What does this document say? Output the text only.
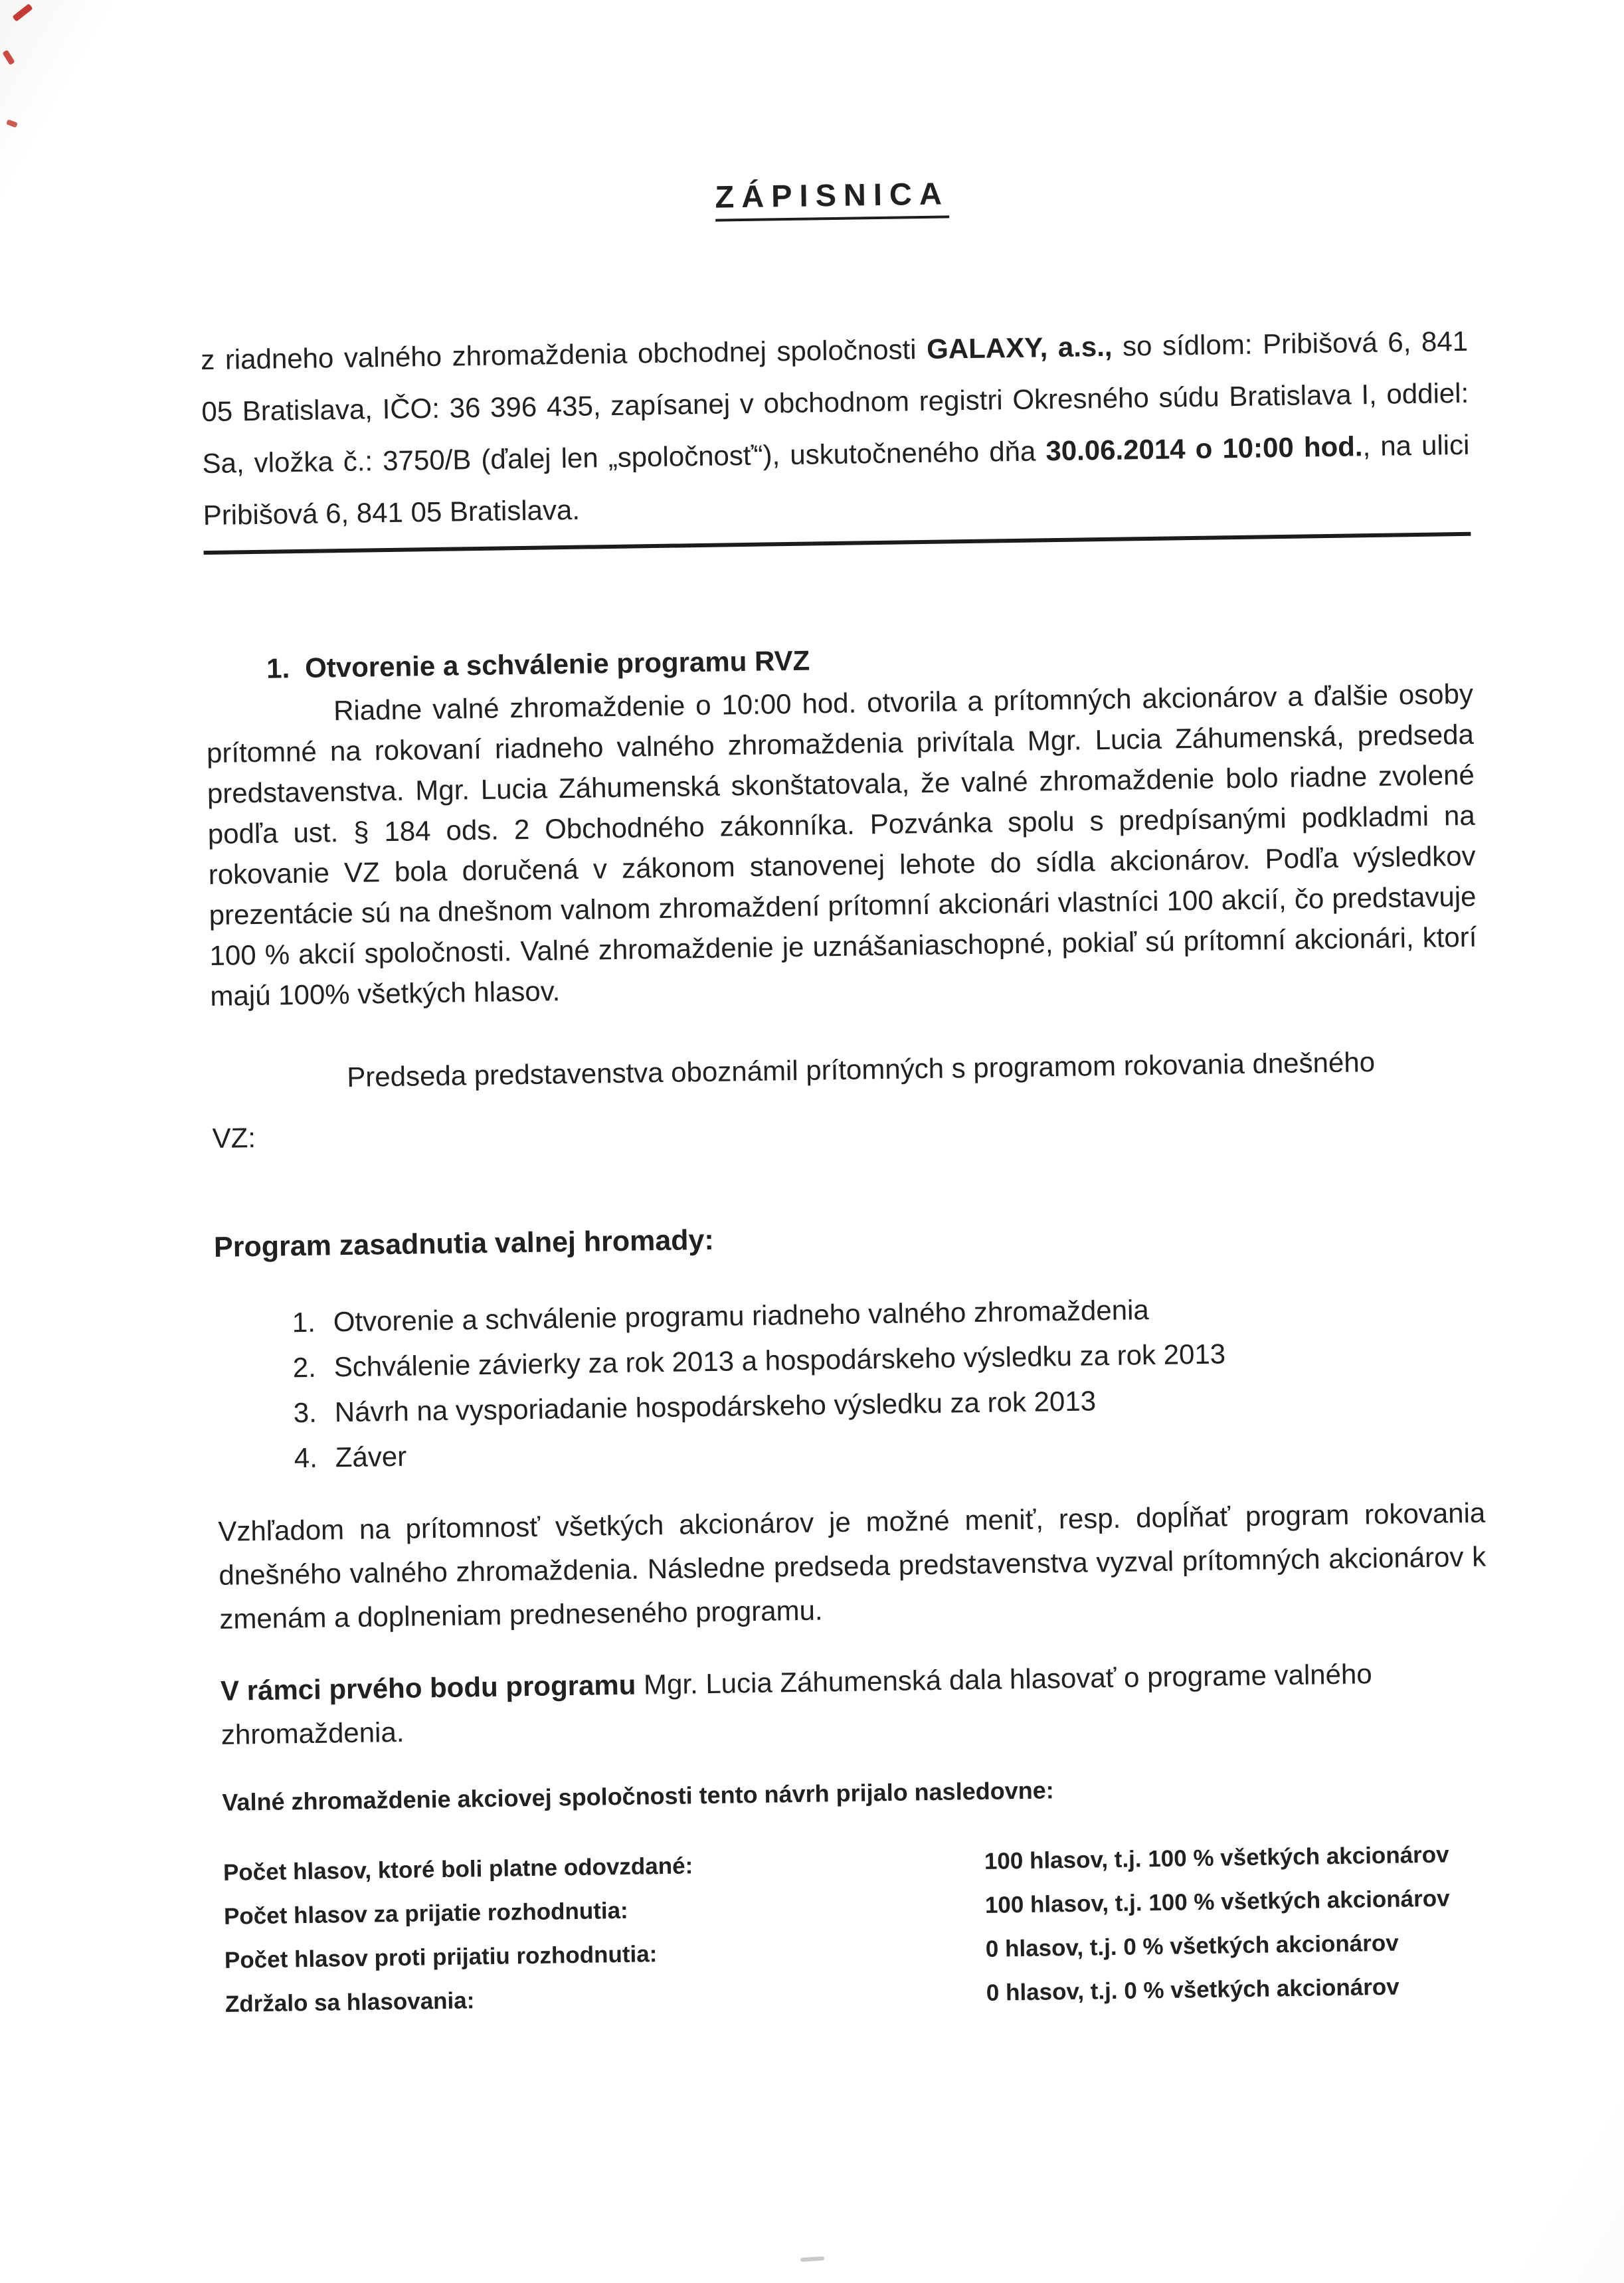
ZÁPISNICA

z riadneho valného zhromaždenia obchodnej spoločnosti GALAXY, a.s., so sídlom: Pribišová 6, 841 05 Bratislava, IČO: 36 396 435, zapísanej v obchodnom registri Okresného súdu Bratislava I, oddiel: Sa, vložka č.: 3750/B (ďalej len „spoločnosť“), uskutočneného dňa 30.06.2014 o 10:00 hod., na ulici Pribišová 6, 841 05 Bratislava.

1. Otvorenie a schválenie programu RVZ

Riadne valné zhromaždenie o 10:00 hod. otvorila a prítomných akcionárov a ďalšie osoby prítomné na rokovaní riadneho valného zhromaždenia privítala Mgr. Lucia Záhumenská, predseda predstavenstva. Mgr. Lucia Záhumenská skonštatovala, že valné zhromaždenie bolo riadne zvolené podľa ust. § 184 ods. 2 Obchodného zákonníka. Pozvánka spolu s predpísanými podkladmi na rokovanie VZ bola doručená v zákonom stanovenej lehote do sídla akcionárov. Podľa výsledkov prezentácie sú na dnešnom valnom zhromaždení prítomní akcionári vlastníci 100 akcií, čo predstavuje 100 % akcií spoločnosti. Valné zhromaždenie je uznášaniaschopné, pokiaľ sú prítomní akcionári, ktorí majú 100% všetkých hlasov.

Predseda predstavenstva oboznámil prítomných s programom rokovania dnešného

VZ:

Program zasadnutia valnej hromady:
1. Otvorenie a schválenie programu riadneho valného zhromaždenia
2. Schválenie závierky za rok 2013 a hospodárskeho výsledku za rok 2013
3. Návrh na vysporiadanie hospodárskeho výsledku za rok 2013
4. Záver

Vzhľadom na prítomnosť všetkých akcionárov je možné meniť, resp. dopĺňať program rokovania dnešného valného zhromaždenia. Následne predseda predstavenstva vyzval prítomných akcionárov k zmenám a doplneniam predneseného programu.

V rámci prvého bodu programu Mgr. Lucia Záhumenská dala hlasovať o programe valného zhromaždenia.

Valné zhromaždenie akciovej spoločnosti tento návrh prijalo nasledovne:

Počet hlasov, ktoré boli platne odovzdané:	100 hlasov, t.j. 100 % všetkých akcionárov
Počet hlasov za prijatie rozhodnutia:	100 hlasov, t.j. 100 % všetkých akcionárov
Počet hlasov proti prijatiu rozhodnutia:	0 hlasov, t.j. 0 % všetkých akcionárov
Zdržalo sa hlasovania:	0 hlasov, t.j. 0 % všetkých akcionárov
